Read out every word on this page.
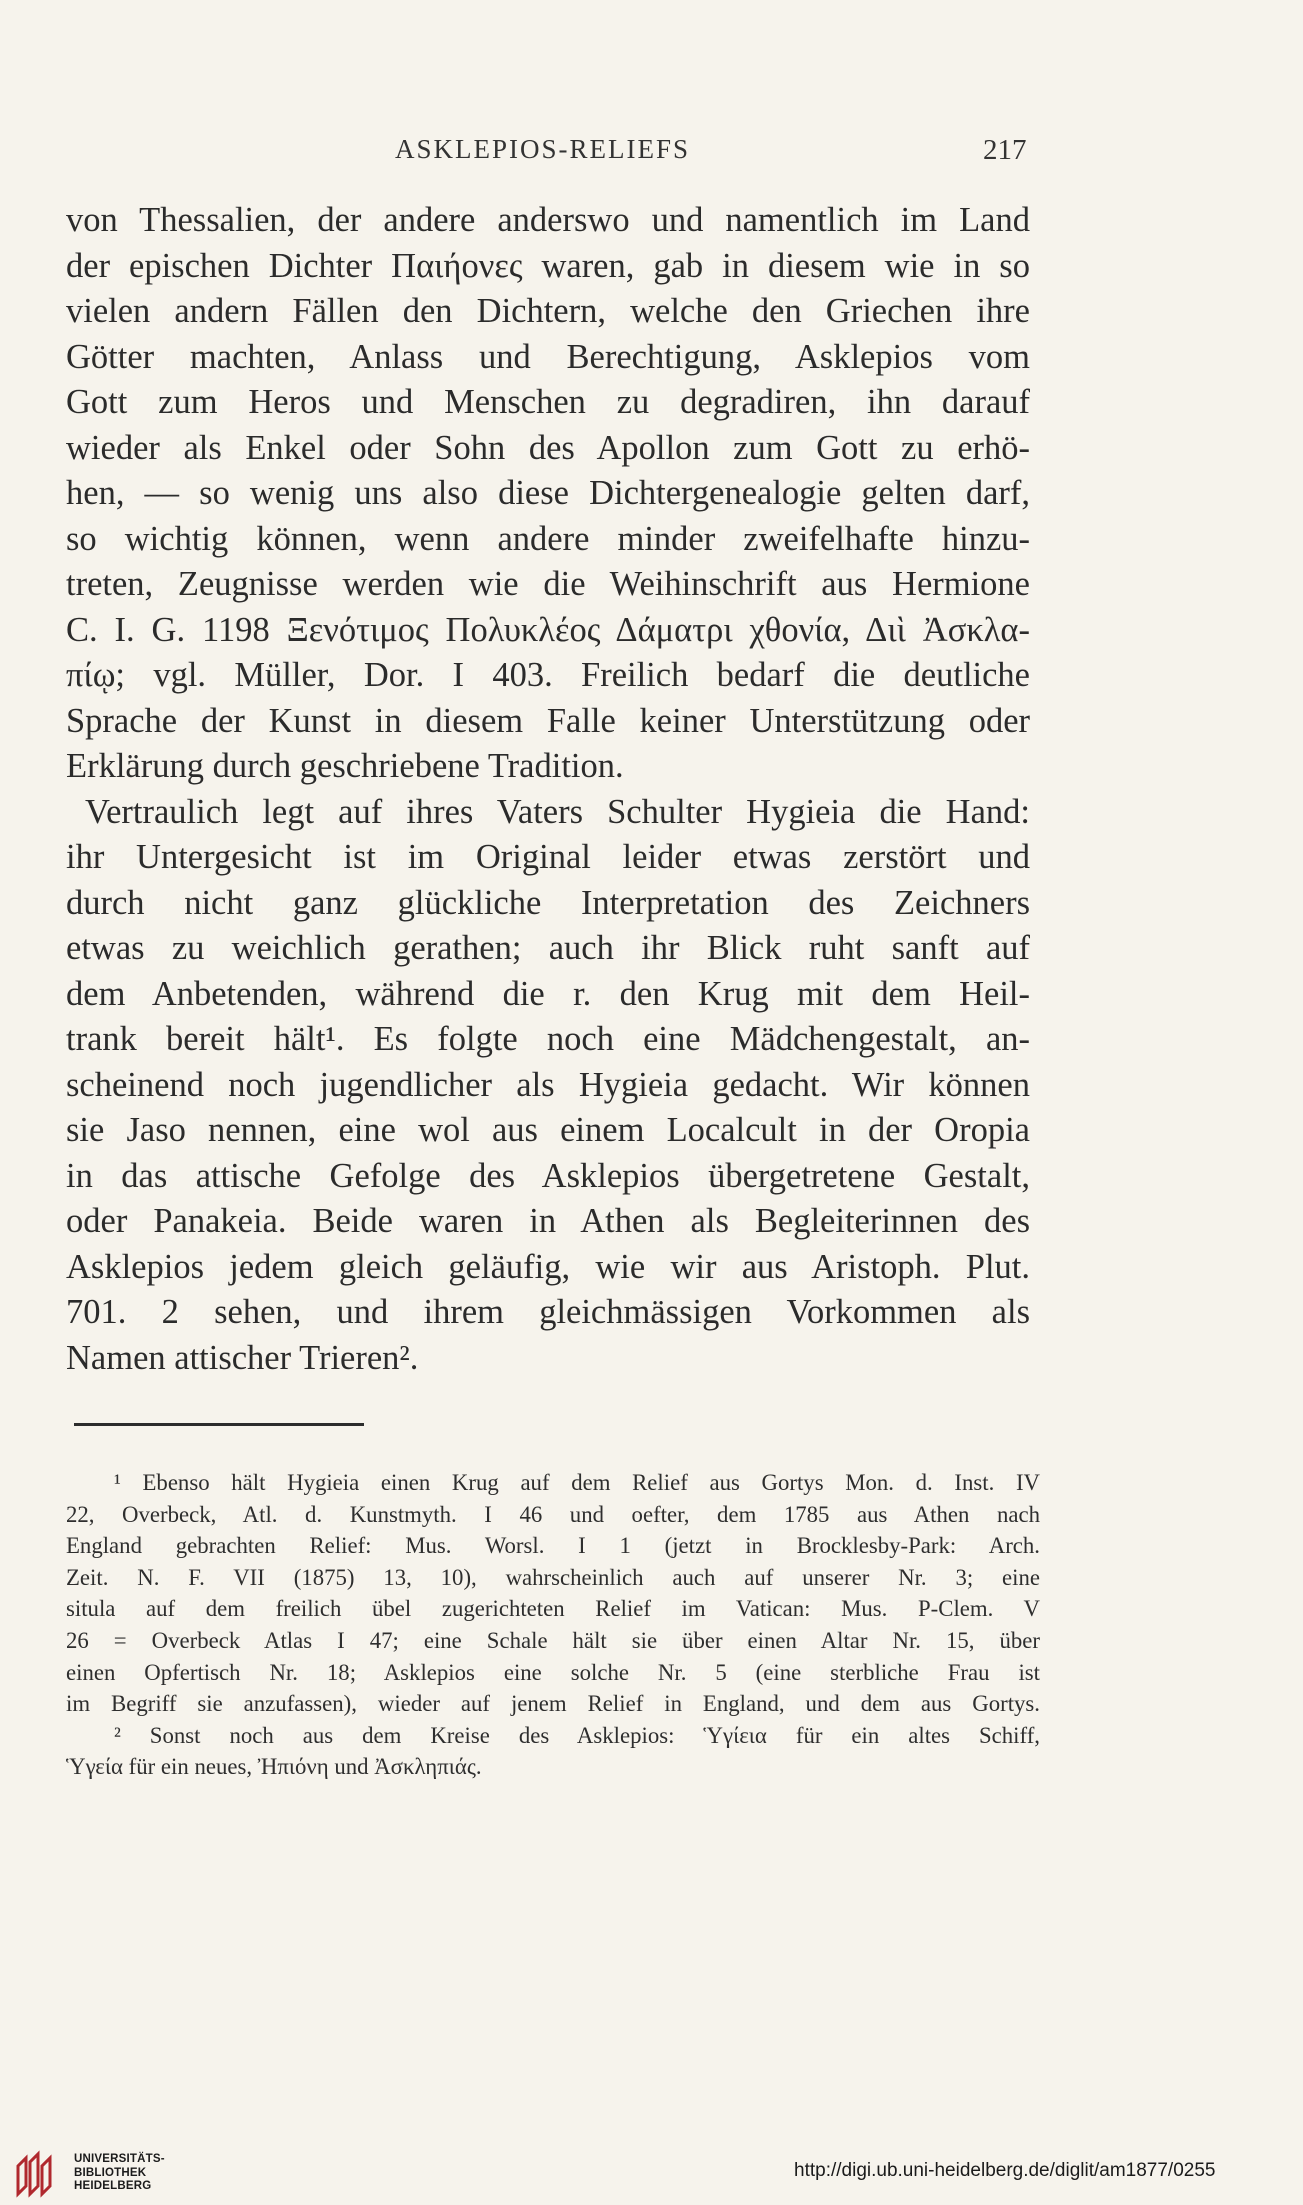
ASKLEPIOS-RELIEFS	217
von Thessalien, der andere anderswo und namentlich im Land
der epischen Dichter Παιήονες waren, gab in diesem wie in so
vielen andern Fällen den Dichtern, welche den Griechen ihre
Götter machten, Anlass und Berechtigung, Asklepios vom
Gott zum Heros und Menschen zu degradiren, ihn darauf
wieder als Enkel oder Sohn des Apollon zum Gott zu erhö-
hen, — so wenig uns also diese Dichtergenealogie gelten darf,
so wichtig können, wenn andere minder zweifelhafte hinzu-
treten, Zeugnisse werden wie die Weihinschrift aus Hermione
C. I. G. 1198 Ξενότιμος Πολυκλέος Δάματρι χθονία, Διὶ Ἀσκλα-
πίῳ; vgl. Müller, Dor. I 403. Freilich bedarf die deutliche
Sprache der Kunst in diesem Falle keiner Unterstützung oder
Erklärung durch geschriebene Tradition.
Vertraulich legt auf ihres Vaters Schulter Hygieia die Hand:
ihr Untergesicht ist im Original leider etwas zerstört und
durch nicht ganz glückliche Interpretation des Zeichners
etwas zu weichlich gerathen; auch ihr Blick ruht sanft auf
dem Anbetenden, während die r. den Krug mit dem Heil-
trank bereit hält¹. Es folgte noch eine Mädchengestalt, an-
scheinend noch jugendlicher als Hygieia gedacht. Wir können
sie Jaso nennen, eine wol aus einem Localcult in der Oropia
in das attische Gefolge des Asklepios übergetretene Gestalt,
oder Panakeia. Beide waren in Athen als Begleiterinnen des
Asklepios jedem gleich geläufig, wie wir aus Aristoph. Plut.
701. 2 sehen, und ihrem gleichmässigen Vorkommen als
Namen attischer Trieren².
¹ Ebenso hält Hygieia einen Krug auf dem Relief aus Gortys Mon. d. Inst. IV
22, Overbeck, Atl. d. Kunstmyth. I 46 und oefter, dem 1785 aus Athen nach
England gebrachten Relief: Mus. Worsl. I 1 (jetzt in Brocklesby-Park: Arch.
Zeit. N. F. VII (1875) 13, 10), wahrscheinlich auch auf unserer Nr. 3; eine
situla auf dem freilich übel zugerichteten Relief im Vatican: Mus. P-Clem. V
26 = Overbeck Atlas I 47; eine Schale hält sie über einen Altar Nr. 15, über
einen Opfertisch Nr. 18; Asklepios eine solche Nr. 5 (eine sterbliche Frau ist
im Begriff sie anzufassen), wieder auf jenem Relief in England, und dem aus Gortys.
² Sonst noch aus dem Kreise des Asklepios: Ὑγίεια für ein altes Schiff,
Ὑγεία für ein neues, Ἠπιόνη und Ἀσκληπιάς.
UNIVERSITÄTS-
BIBLIOTHEK
HEIDELBERG
http://digi.ub.uni-heidelberg.de/diglit/am1877/0255
